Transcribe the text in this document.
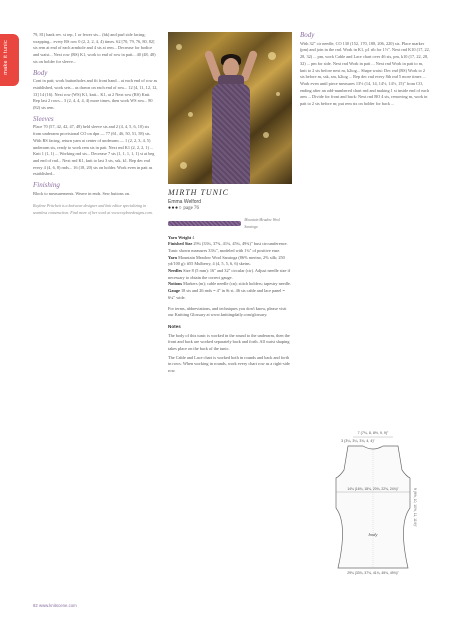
make it tunic

79, 81) hank rev. st rep, 1 or fewer sts... (bk) and purl side facing; wrapping... every RS row 0 (2, 2, 2, 4, 4) times. 62 [70, 79, 76, 80, 82] sts rem at end of each armhole and 4 sts at rem... Decrease for bodice and waist... Next row (RS) K1, work to end of row in patt... 40 (48, 48) sts on holder for sleeve...

Body

Cont in patt; work buttonholes and fit front hand... at each end of row as established, work sets... as drawn on each end of row... 12 [4, 11, 12, 12, 13] 14 (16). Next row (WS) K1, knit... K1, at 2 Next row (RS) Knit. Rep last 2 rows... 3 (2, 4, 4, 4, 4) more times, then work WS row... 80 (82) sts rem.

Sleeves

Place 70 (57, 42, 42, 47, 48) held sleeve sts and 2 (4, 4, 5, 6, 10) sts from underarm provisional CO on dpn — 77 (61, 46, 50, 51, 58) sts. With RS facing, return yarn at center of underarm — 1 (2, 2, 3, 4, 5) underarm sts, ready to work rem sts in patt. Next rnd K1 (2, 2, 2, 1) ... Knit 1 (1, 1) ... Working rnd sts... Decrease 7 sts (1, 1, 1, 1, 1) st at beg and end of rnd... Next rnd K1, knit to last 3 sts, ssk, k1. Rep dec rnd every 4 (4, 6, 8) rnds... 16 (18, 20) sts on holder. Work even in patt as established...

Finishing

Block to measurements. Weave in ends. Sew buttons on.

Raylene Pritchett is a knitwear designer and knit editor specializing in seamless construction. Find more of her work at www.raylenedesigns.com.

MIRTH TUNIC

Emma Welford

●●●○ page 76

Mountain Meadow Wool Saratoga

Yarn Weight 4

Finished Size 29¾ (33¾, 37¾, 41¾, 45¾, 49¾)" bust circumference. Tunic shown measures 33¾", modeled with 1¾" of positive ease.

Yarn Mountain Meadow Wool Saratoga (86% merino, 2% silk; 250 yd/100 g): #55 Mulberry, 4 (4, 5, 5, 6, 6) skeins.

Needles Size 8 (5 mm): 16" and 32" circular (cir). Adjust needle size if necessary to obtain the correct gauge.

Notions Markers (m); cable needle (cn); stitch holders; tapestry needle.

Gauge 18 sts and 26 rnds = 4" in St st. 46 sts cable and lace panel = 6¼" wide.

For terms, abbreviations, and techniques you don't know, please visit our Knitting Glossary at www.knittingdaily.com/glossary.

Notes

The body of this tunic is worked in the round to the underarm, then the front and back are worked separately back and forth. All waist shaping takes place on the back of the tunic.

The Cable and Lace chart is worked both in rounds and back and forth in rows. When working in rounds, work every chart row as a right-side row.

Body

With 32" cir needle, CO 130 (152, 170, 188, 206, 220) sts. Place marker (pm) and join in the rnd. Work in K1, p1 rib for 1½". Next rnd K10 (17, 22, 28, 32) ... pm, work Cable and Lace chart over 46 sts, pm, k10 (17, 22, 28, 32) ... pm for side. Next rnd Work in patt ... Next rnd Work in patt to m, knit to 2 sts before next m, k2tog... Shape waist: Dec rnd (RS) Work to 2 sts before m, ssk, sm, k2tog ... Rep dec rnd every 8th rnd 5 more times ... Work even until piece measures 13½ (14, 14, 14½, 14½, 15)" from CO, ending after an odd-numbered chart rnd and making 1 st inside end of each arm ... Divide for front and back: Next rnd BO 4 sts, removing m, work in patt to 2 sts before m; put rem sts on holder for back ...

7 (7¾, 8, 8½, 9, 9)"
3 (3¼, 3¼, 3¾, 4, 4)"
9 (9½, 10, 10½, 11, 11½)"
14¾ (16¾, 18¾, 20¾, 22¾, 24¾)"
body
29¾ (33¾, 37¾, 41¾, 45¾, 49¾)"
82 www.knitscene.com
